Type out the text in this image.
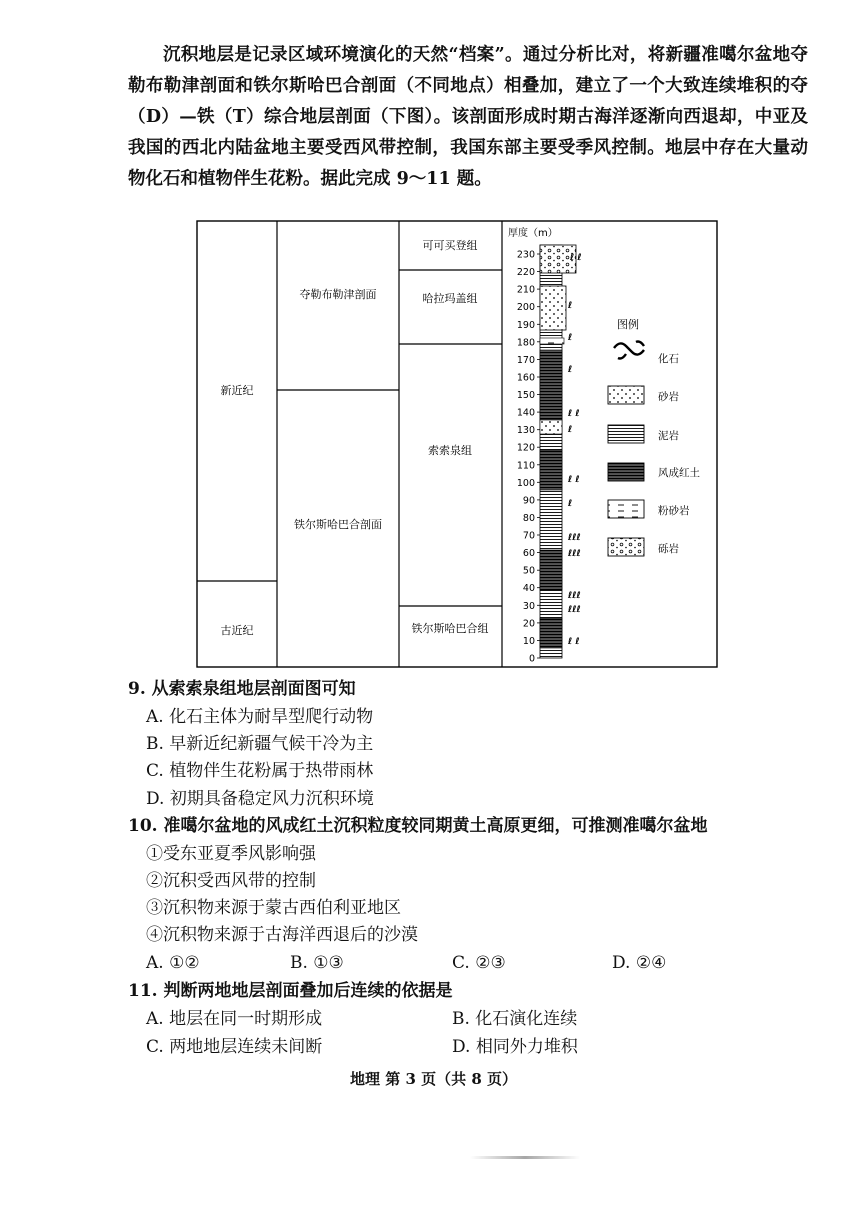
沉积地层是记录区域环境演化的天然“档案”。通过分析比对，将新疆准噶尔盆地夺勒布勒津剖面和铁尔斯哈巴合剖面（不同地点）相叠加，建立了一个大致连续堆积的夺（D）—铁（T）综合地层剖面（下图）。该剖面形成时期古海洋逐渐向西退却，中亚及我国的西北内陆盆地主要受西风带控制，我国东部主要受季风控制。地层中存在大量动物化石和植物伴生花粉。据此完成 9～11 题。

新近纪
古近纪
夺勒布勒津剖面
铁尔斯哈巴合剖面
可可买登组
哈拉玛盖组
索索泉组
铁尔斯哈巴合组
厚度（m）
0
10
20
30
40
50
60
70
80
90
100
110
120
130
140
150
160
170
180
190
200
210
220
230	ℓ ℓ
ℓ
ℓ
ℓ
ℓ ℓ
ℓ
ℓ ℓ
ℓ
ℓℓℓ
ℓℓℓ
ℓℓℓ
ℓℓℓ
ℓ ℓ
图例
化石
砂岩
泥岩
风成红土
粉砂岩
砾岩
9. 从索索泉组地层剖面图可知
A. 化石主体为耐旱型爬行动物
B. 早新近纪新疆气候干冷为主
C. 植物伴生花粉属于热带雨林
D. 初期具备稳定风力沉积环境
10. 准噶尔盆地的风成红土沉积粒度较同期黄土高原更细，可推测准噶尔盆地
①受东亚夏季风影响强
②沉积受西风带的控制
③沉积物来源于蒙古西伯利亚地区
④沉积物来源于古海洋西退后的沙漠
A. ①②	B. ①③	C. ②③	D. ②④
11. 判断两地地层剖面叠加后连续的依据是
A. 地层在同一时期形成	B. 化石演化连续
C. 两地地层连续未间断	D. 相同外力堆积
地理 第 3 页（共 8 页）
